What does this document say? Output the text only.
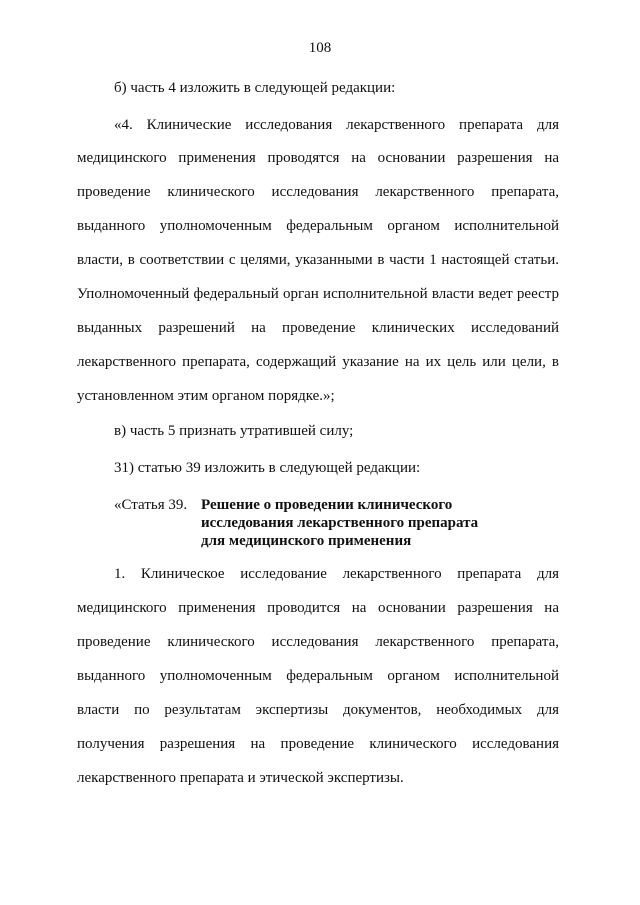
108
б) часть 4 изложить в следующей редакции:
«4. Клинические исследования лекарственного препарата для
медицинского применения проводятся на основании разрешения на
проведение клинического исследования лекарственного препарата,
выданного уполномоченным федеральным органом исполнительной
власти, в соответствии с целями, указанными в части 1 настоящей статьи.
Уполномоченный федеральный орган исполнительной власти ведет реестр
выданных разрешений на проведение клинических исследований
лекарственного препарата, содержащий указание на их цель или цели, в
установленном этим органом порядке.»;
в) часть 5 признать утратившей силу;
31) статью 39 изложить в следующей редакции:
«Статья 39. Решение о проведении клинического
исследования лекарственного препарата
для медицинского применения
1. Клиническое исследование лекарственного препарата для
медицинского применения проводится на основании разрешения на
проведение клинического исследования лекарственного препарата,
выданного уполномоченным федеральным органом исполнительной
власти по результатам экспертизы документов, необходимых для
получения разрешения на проведение клинического исследования
лекарственного препарата и этической экспертизы.
